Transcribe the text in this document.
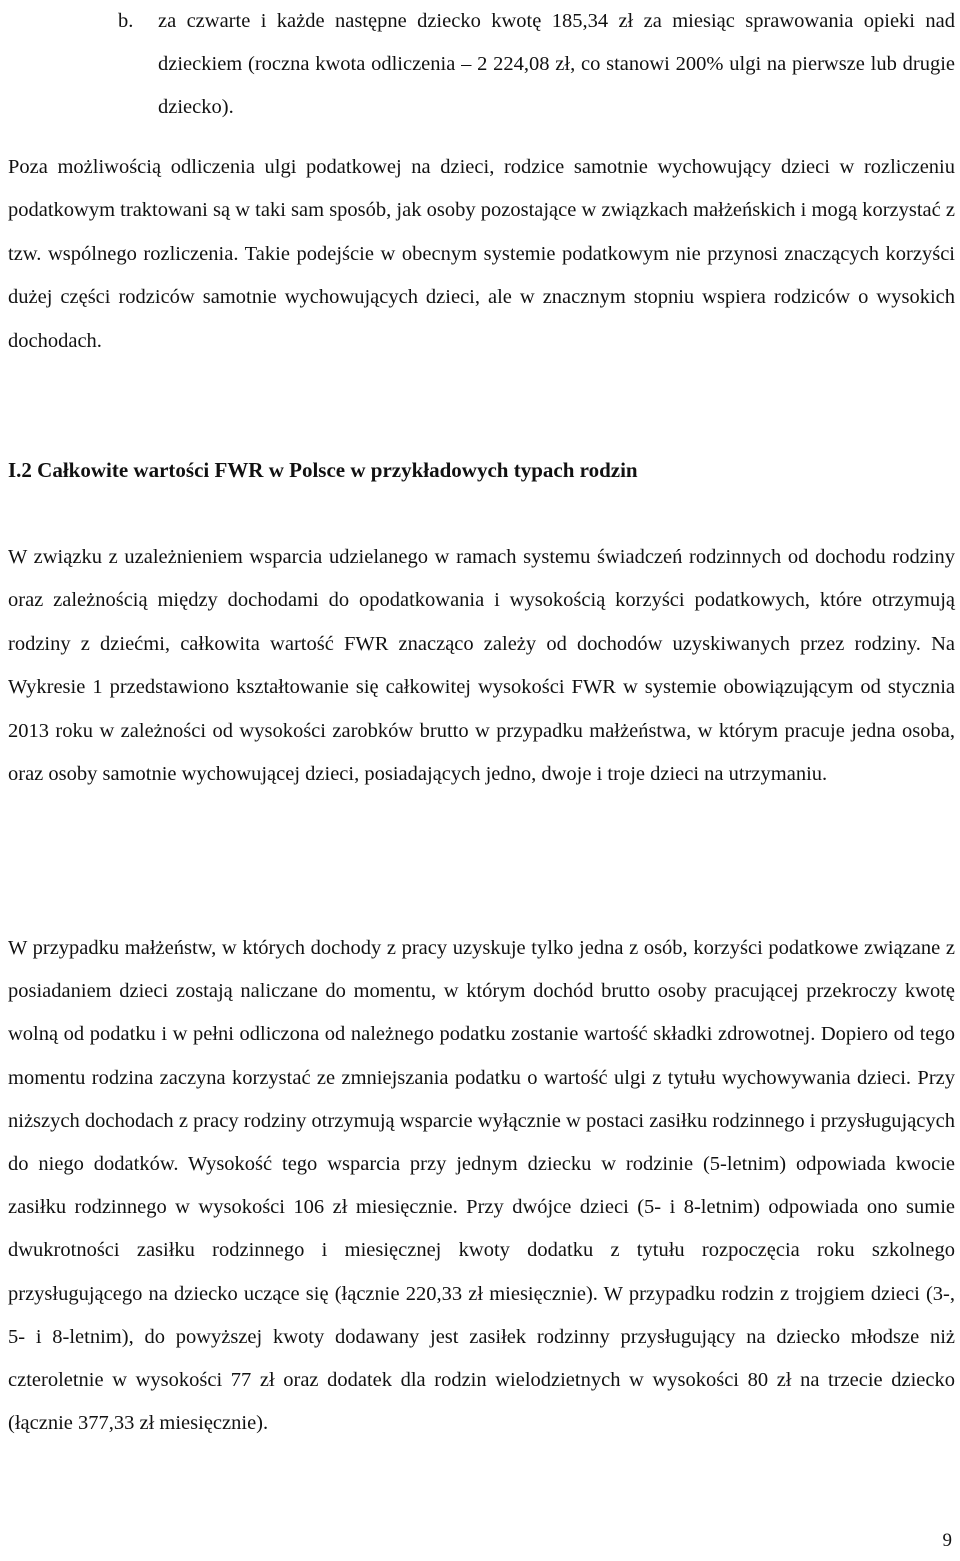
b.	za czwarte i każde następne dziecko kwotę 185,34 zł za miesiąc sprawowania opieki nad dzieckiem (roczna kwota odliczenia – 2 224,08 zł, co stanowi 200% ulgi na pierwsze lub drugie dziecko).

Poza możliwością odliczenia ulgi podatkowej na dzieci, rodzice samotnie wychowujący dzieci w rozliczeniu podatkowym traktowani są w taki sam sposób, jak osoby pozostające w związkach małżeńskich i mogą korzystać z tzw. wspólnego rozliczenia. Takie podejście w obecnym systemie podatkowym nie przynosi znaczących korzyści dużej części rodziców samotnie wychowujących dzieci, ale w znacznym stopniu wspiera rodziców o wysokich dochodach.

I.2 Całkowite wartości FWR w Polsce w przykładowych typach rodzin

W związku z uzależnieniem wsparcia udzielanego w ramach systemu świadczeń rodzinnych od dochodu rodziny oraz zależnością między dochodami do opodatkowania i wysokością korzyści podatkowych, które otrzymują rodziny z dziećmi, całkowita wartość FWR znacząco zależy od dochodów uzyskiwanych przez rodziny. Na Wykresie 1 przedstawiono kształtowanie się całkowitej wysokości FWR w systemie obowiązującym od stycznia 2013 roku w zależności od wysokości zarobków brutto w przypadku małżeństwa, w którym pracuje jedna osoba, oraz osoby samotnie wychowującej dzieci, posiadających jedno, dwoje i troje dzieci na utrzymaniu.

W przypadku małżeństw, w których dochody z pracy uzyskuje tylko jedna z osób, korzyści podatkowe związane z posiadaniem dzieci zostają naliczane do momentu, w którym dochód brutto osoby pracującej przekroczy kwotę wolną od podatku i w pełni odliczona od należnego podatku zostanie wartość składki zdrowotnej. Dopiero od tego momentu rodzina zaczyna korzystać ze zmniejszania podatku o wartość ulgi z tytułu wychowywania dzieci. Przy niższych dochodach z pracy rodziny otrzymują wsparcie wyłącznie w postaci zasiłku rodzinnego i przysługujących do niego dodatków. Wysokość tego wsparcia przy jednym dziecku w rodzinie (5-letnim) odpowiada kwocie zasiłku rodzinnego w wysokości 106 zł miesięcznie. Przy dwójce dzieci (5- i 8-letnim) odpowiada ono sumie dwukrotności zasiłku rodzinnego i miesięcznej kwoty dodatku z tytułu rozpoczęcia roku szkolnego przysługującego na dziecko uczące się (łącznie 220,33 zł miesięcznie). W przypadku rodzin z trojgiem dzieci (3-, 5- i 8-letnim), do powyższej kwoty dodawany jest zasiłek rodzinny przysługujący na dziecko młodsze niż czteroletnie w wysokości 77 zł oraz dodatek dla rodzin wielodzietnych w wysokości 80 zł na trzecie dziecko (łącznie 377,33 zł miesięcznie).

9
